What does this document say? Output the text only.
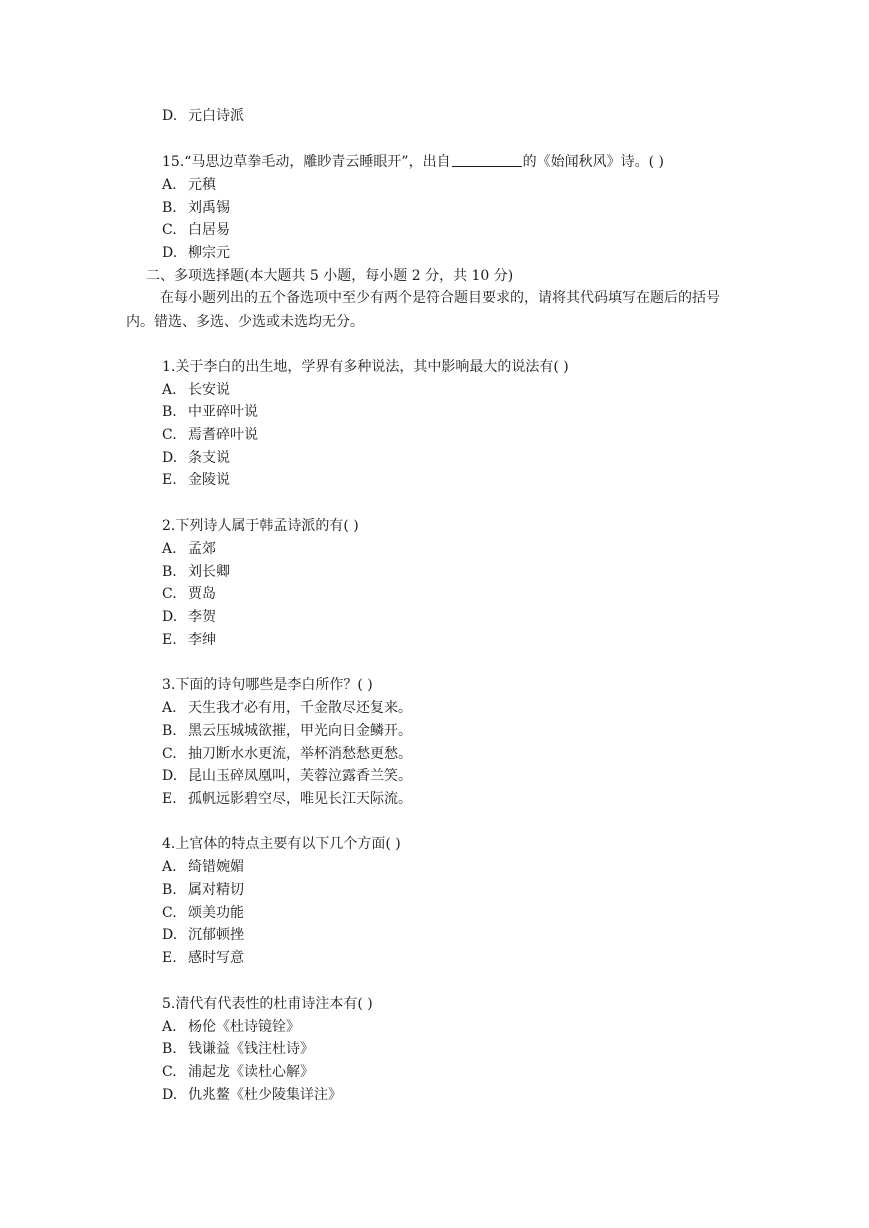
D. 元白诗派
15.“马思边草拳毛动，雕眇青云睡眼开”，出自	的《始闻秋风》诗。( )
A. 元稹
B. 刘禹锡
C. 白居易
D. 柳宗元
二、多项选择题(本大题共 5 小题，每小题 2 分，共 10 分)
在每小题列出的五个备选项中至少有两个是符合题目要求的，请将其代码填写在题后的括号内。错选、多选、少选或未选均无分。
1.关于李白的出生地，学界有多种说法，其中影响最大的说法有( )
A. 长安说
B. 中亚碎叶说
C. 焉耆碎叶说
D. 条支说
E. 金陵说
2.下列诗人属于韩孟诗派的有( )
A. 孟郊
B. 刘长卿
C. 贾岛
D. 李贺
E. 李绅
3.下面的诗句哪些是李白所作？( )
A. 天生我才必有用，千金散尽还复来。
B. 黑云压城城欲摧，甲光向日金鳞开。
C. 抽刀断水水更流，举杯消愁愁更愁。
D. 昆山玉碎凤凰叫，芙蓉泣露香兰笑。
E. 孤帆远影碧空尽，唯见长江天际流。
4.上官体的特点主要有以下几个方面( )
A. 绮错婉媚
B. 属对精切
C. 颂美功能
D. 沉郁顿挫
E. 感时写意
5.清代有代表性的杜甫诗注本有( )
A. 杨伦《杜诗镜铨》
B. 钱谦益《钱注杜诗》
C. 浦起龙《读杜心解》
D. 仇兆鳌《杜少陵集详注》
